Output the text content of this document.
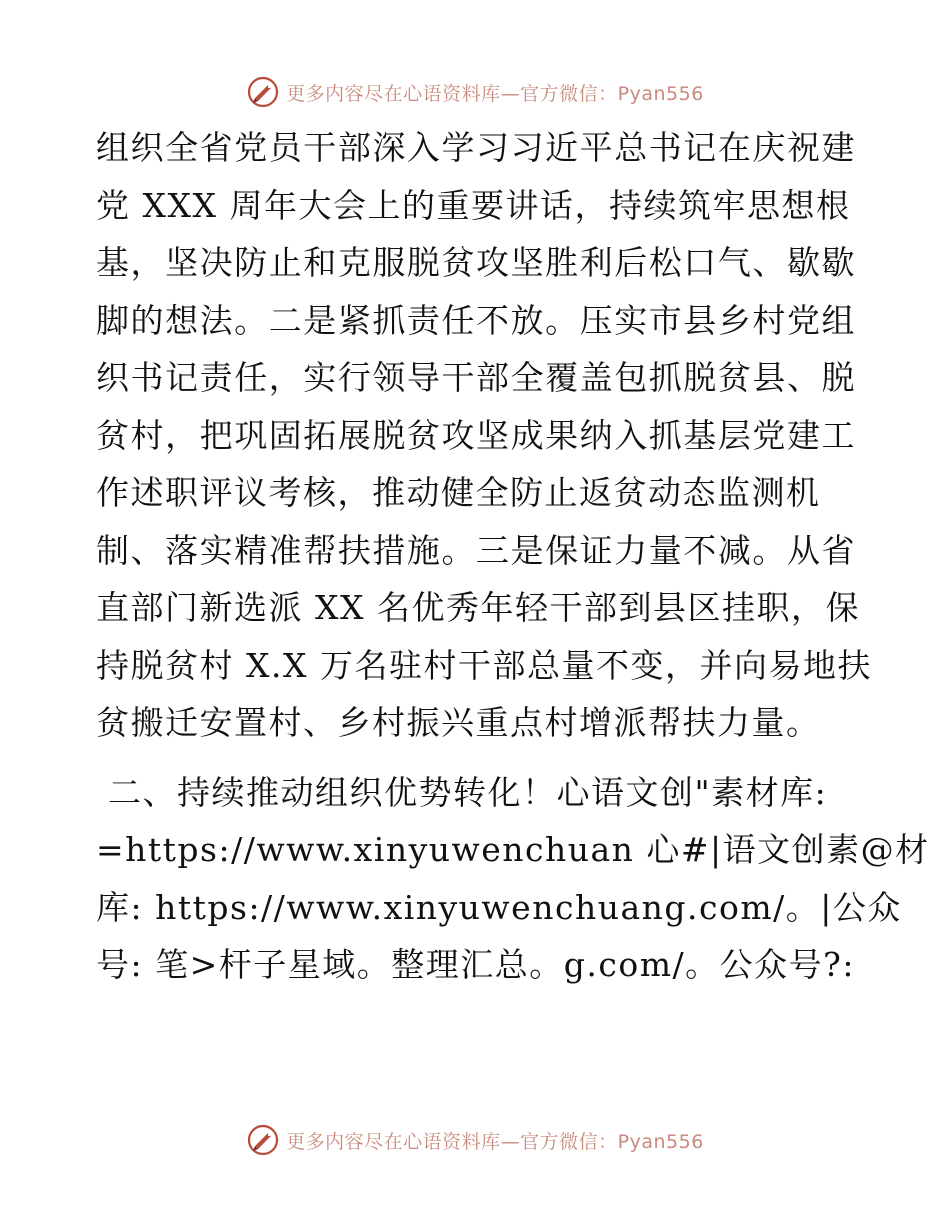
更多内容尽在心语资料库—官方微信：Pyan556
组织全省党员干部深入学习习近平总书记在庆祝建
党 XXX 周年大会上的重要讲话，持续筑牢思想根
基，坚决防止和克服脱贫攻坚胜利后松口气、歇歇
脚的想法。二是紧抓责任不放。压实市县乡村党组
织书记责任，实行领导干部全覆盖包抓脱贫县、脱
贫村，把巩固拓展脱贫攻坚成果纳入抓基层党建工
作述职评议考核，推动健全防止返贫动态监测机
制、落实精准帮扶措施。三是保证力量不减。从省
直部门新选派 XX 名优秀年轻干部到县区挂职，保
持脱贫村 X.X 万名驻村干部总量不变，并向易地扶
贫搬迁安置村、乡村振兴重点村增派帮扶力量。
二、持续推动组织优势转化！心语文创"素材库:
=https://www.xinyuwenchuan 心#|语文创素@材
库: https://www.xinyuwenchuang.com/。|公众
号: 笔>杆子星域。整理汇总。g.com/。公众号?:
更多内容尽在心语资料库—官方微信：Pyan556
